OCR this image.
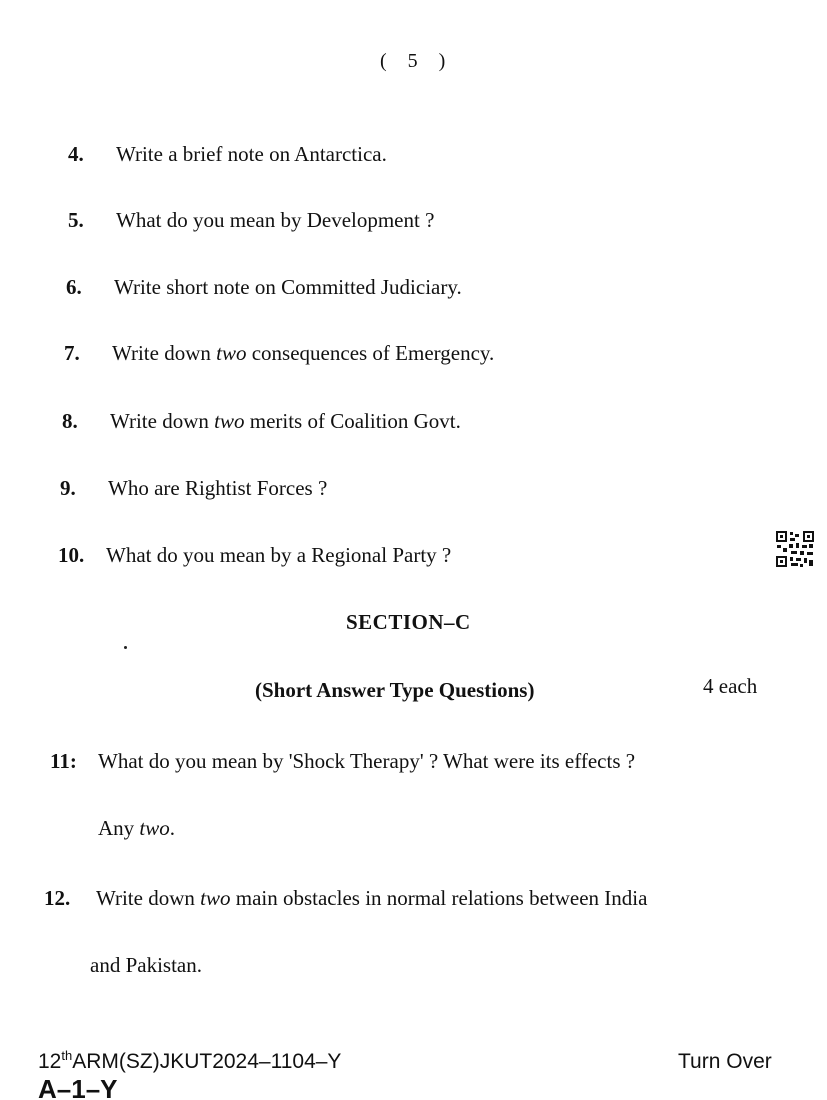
( 5 )
4. Write a brief note on Antarctica.
5. What do you mean by Development ?
6. Write short note on Committed Judiciary.
7. Write down two consequences of Emergency.
8. Write down two merits of Coalition Govt.
9. Who are Rightist Forces ?
10. What do you mean by a Regional Party ?
SECTION–C
(Short Answer Type Questions)	4 each
11: What do you mean by 'Shock Therapy' ? What were its effects ?
Any two.
12. Write down two main obstacles in normal relations between India
and Pakistan.
12thARM(SZ)JKUT2024–1104–Y	Turn Over
A–1–Y
